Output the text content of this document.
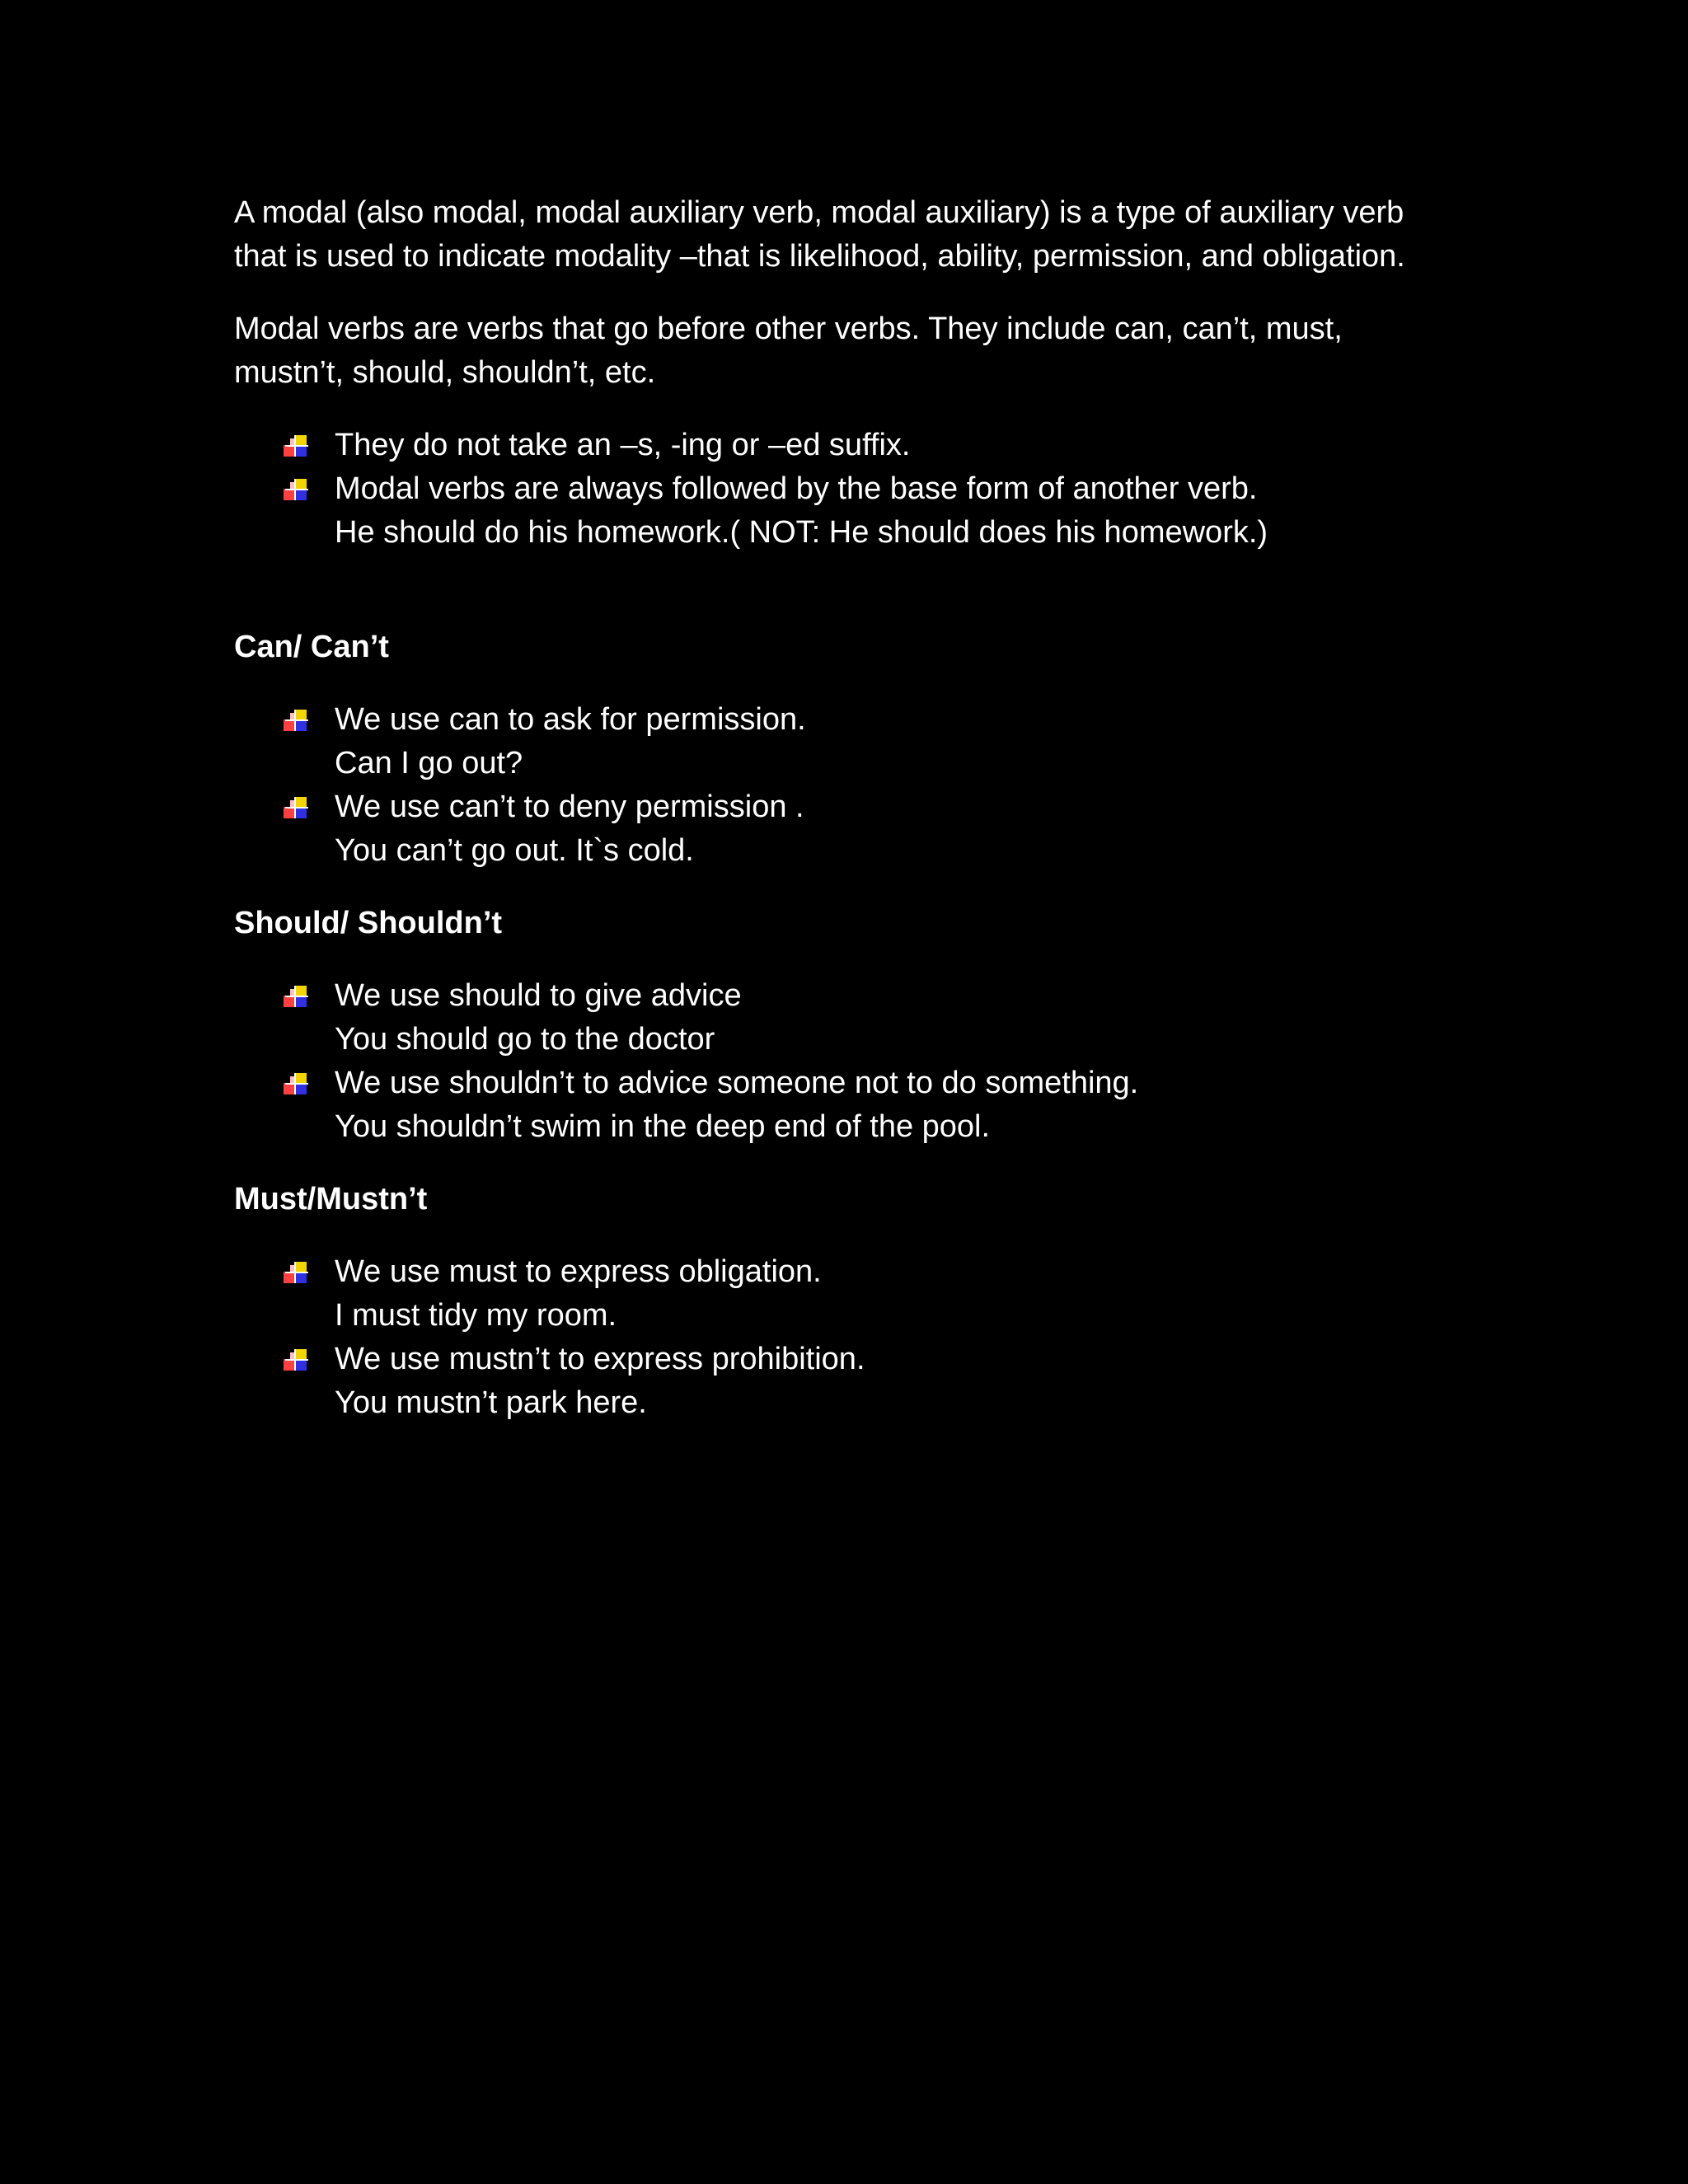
A modal (also modal, modal auxiliary verb, modal auxiliary) is a type of auxiliary verb that is used to indicate modality –that is likelihood, ability, permission, and obligation.

Modal verbs are verbs that go before other verbs. They include can, can’t, must, mustn’t, should, shouldn’t, etc.

They do not take an –s, -ing or –ed suffix.
Modal verbs are always followed by the base form of another verb.
He should do his homework.( NOT: He should does his homework.)
Can/ Can’t
We use can to ask for permission.
Can I go out?
We use can’t to deny permission .
You can’t go out. It`s cold.
Should/ Shouldn’t
We use should to give advice
You should go to the doctor
We use shouldn’t to advice someone not to do something.
You shouldn’t swim in the deep end of the pool.
Must/Mustn’t
We use must to express obligation.
I must tidy my room.
We use mustn’t to express prohibition.
You mustn’t park here.
